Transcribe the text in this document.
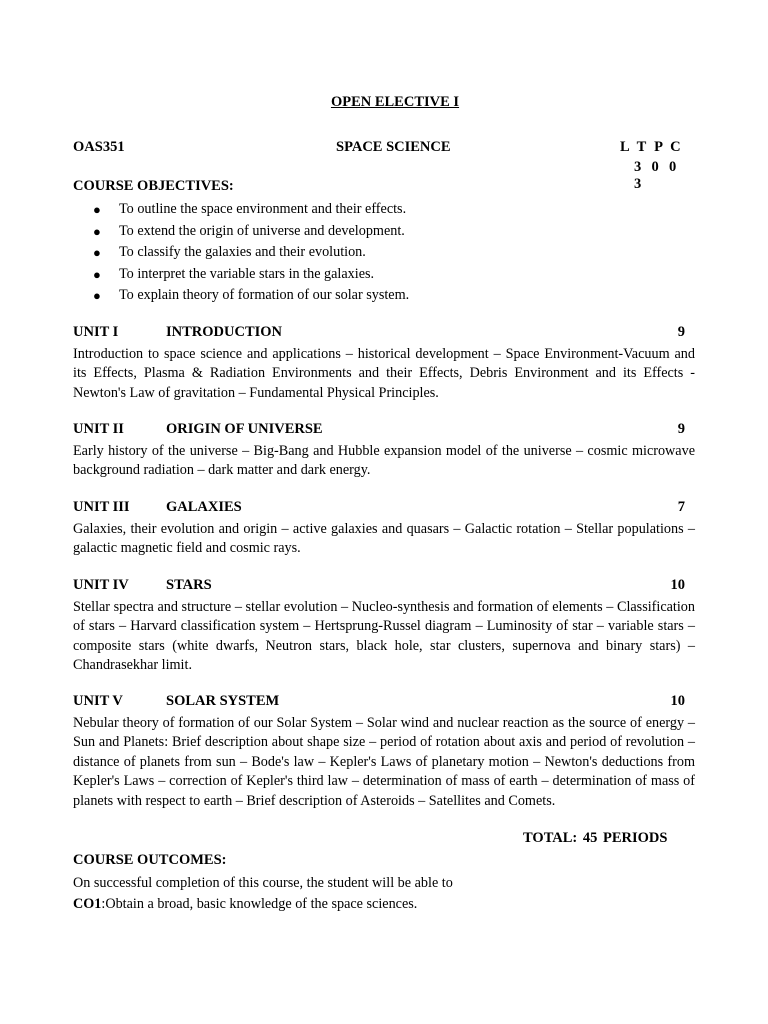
OPEN ELECTIVE I
OAS351	SPACE SCIENCE	L T P C
3 0 0 3
COURSE OBJECTIVES:
● To outline the space environment and their effects.
● To extend the origin of universe and development.
● To classify the galaxies and their evolution.
● To interpret the variable stars in the galaxies.
● To explain theory of formation of our solar system.
UNIT I	INTRODUCTION	9

Introduction to space science and applications – historical development – Space Environment-Vacuum and its Effects, Plasma & Radiation Environments and their Effects, Debris Environment and its Effects - Newton's Law of gravitation – Fundamental Physical Principles.

UNIT II	ORIGIN OF UNIVERSE	9

Early history of the universe – Big-Bang and Hubble expansion model of the universe – cosmic microwave background radiation – dark matter and dark energy.

UNIT III	GALAXIES	7

Galaxies, their evolution and origin – active galaxies and quasars – Galactic rotation – Stellar populations – galactic magnetic field and cosmic rays.

UNIT IV	STARS	10

Stellar spectra and structure – stellar evolution – Nucleo-synthesis and formation of elements – Classification of stars – Harvard classification system – Hertsprung-Russel diagram – Luminosity of star – variable stars – composite stars (white dwarfs, Neutron stars, black hole, star clusters, supernova and binary stars) – Chandrasekhar limit.

UNIT V	SOLAR SYSTEM	10

Nebular theory of formation of our Solar System – Solar wind and nuclear reaction as the source of energy – Sun and Planets: Brief description about shape size – period of rotation about axis and period of revolution – distance of planets from sun – Bode's law – Kepler's Laws of planetary motion – Newton's deductions from Kepler's Laws – correction of Kepler's third law – determination of mass of earth – determination of mass of planets with respect to earth – Brief description of Asteroids – Satellites and Comets.

TOTAL: 45 PERIODS
COURSE OUTCOMES:
On successful completion of this course, the student will be able to
CO1:Obtain a broad, basic knowledge of the space sciences.
